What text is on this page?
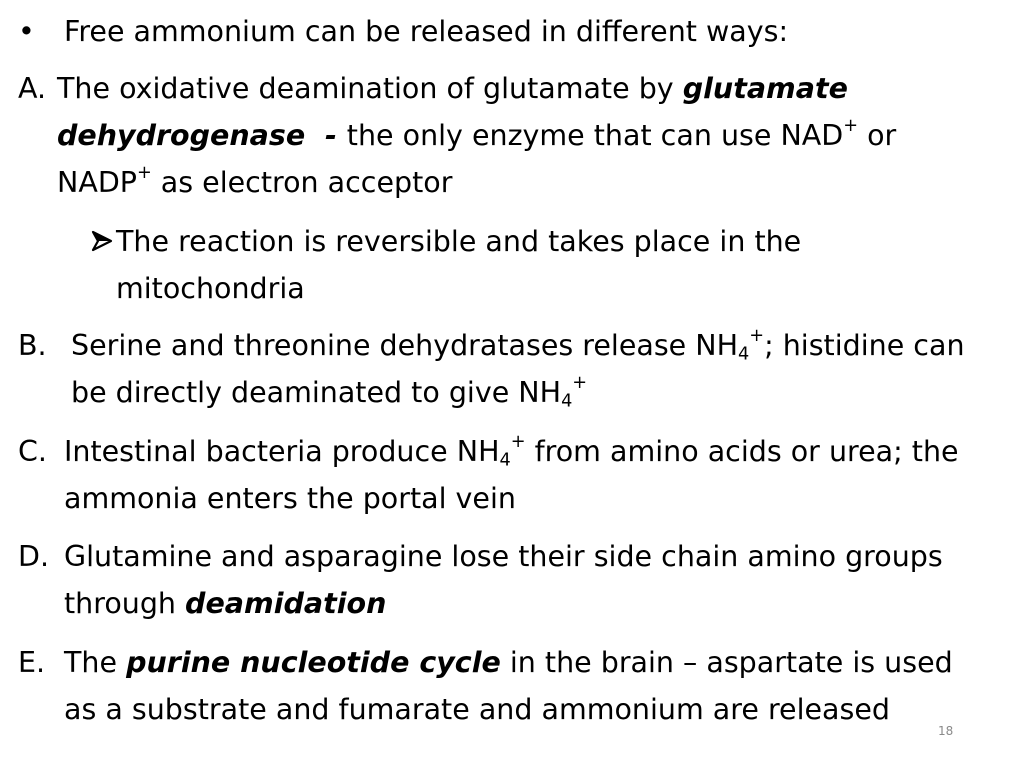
•	Free ammonium can be released in different ways:
A. The oxidative deamination of glutamate by glutamate dehydrogenase  - the only enzyme that can use NAD+ or NADP+ as electron acceptor
The reaction is reversible and takes place in the mitochondria
B. Serine and threonine dehydratases release $NH_4^+$; histidine can be directly deaminated to give $NH_4^+$
C. Intestinal bacteria produce $NH_4^+$ from amino acids or urea; the ammonia enters the portal vein
D. Glutamine and asparagine lose their side chain amino groups through deamidation
E. The purine nucleotide cycle in the brain – aspartate is used as a substrate and fumarate and ammonium are released
18
